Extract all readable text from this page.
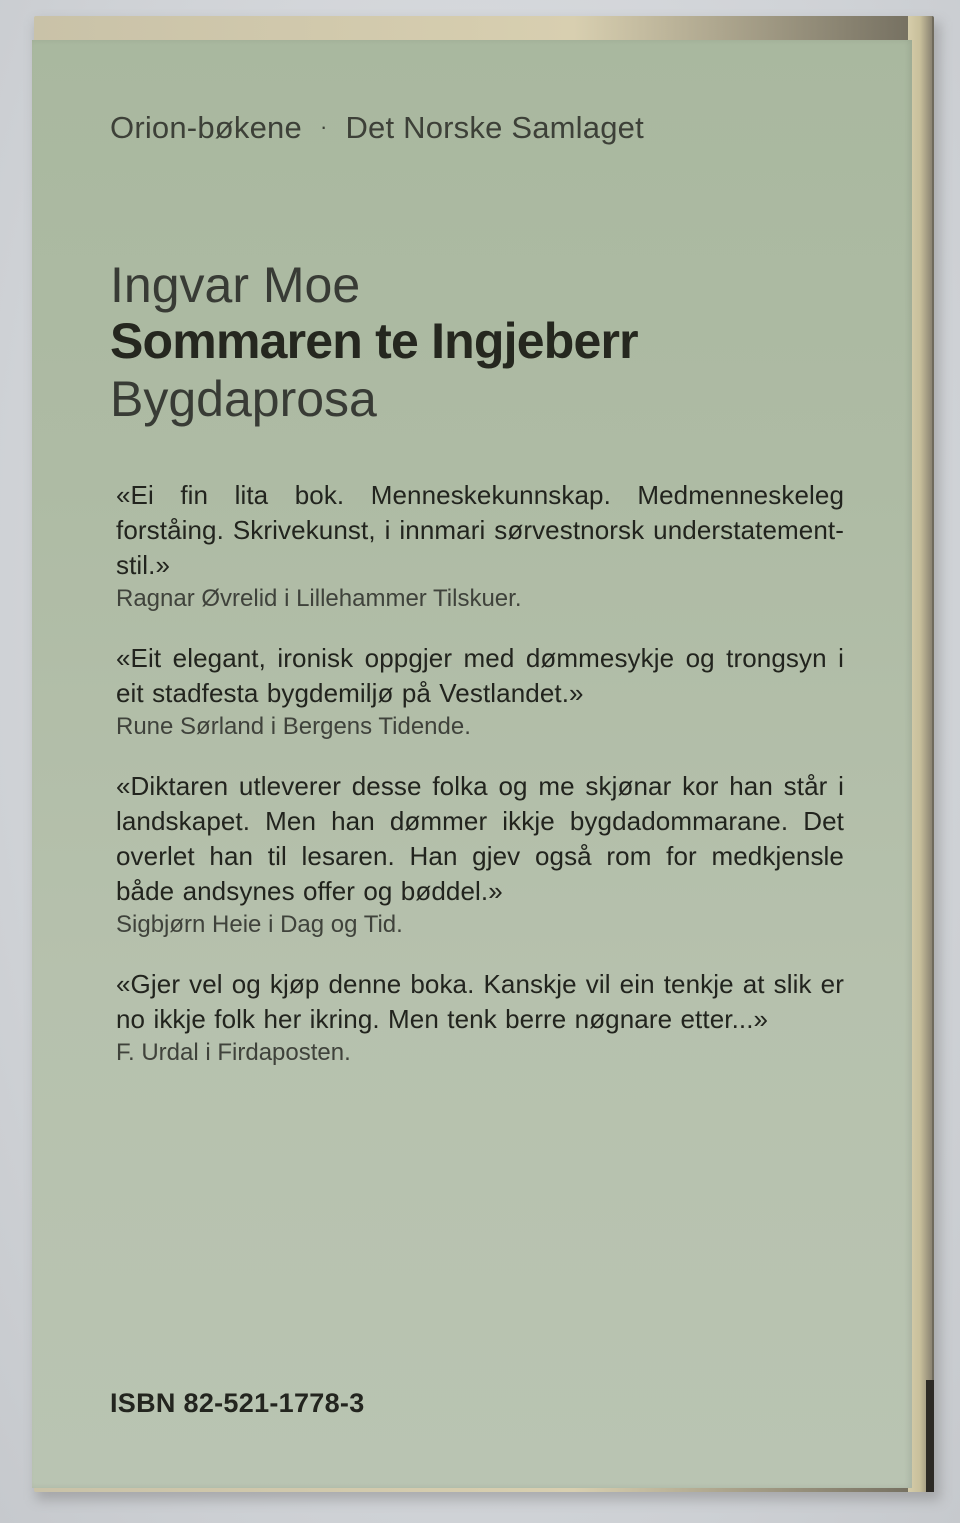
Orion-bøkene · Det Norske Samlaget
Ingvar Moe
Sommaren te Ingjeberr
Bygdaprosa
«Ei fin lita bok. Menneskekunnskap. Medmenneskeleg forståing. Skrivekunst, i innmari sørvestnorsk understatement-stil.»
Ragnar Øvrelid i Lillehammer Tilskuer.
«Eit elegant, ironisk oppgjer med dømmesykje og trongsyn i eit stadfesta bygdemiljø på Vestlandet.»
Rune Sørland i Bergens Tidende.
«Diktaren utleverer desse folka og me skjønar kor han står i landskapet. Men han dømmer ikkje bygdadommarane. Det overlet han til lesaren. Han gjev også rom for medkjensle både andsynes offer og bøddel.»
Sigbjørn Heie i Dag og Tid.
«Gjer vel og kjøp denne boka. Kanskje vil ein tenkje at slik er no ikkje folk her ikring. Men tenk berre nøgnare etter...»
F. Urdal i Firdaposten.
ISBN 82-521-1778-3
